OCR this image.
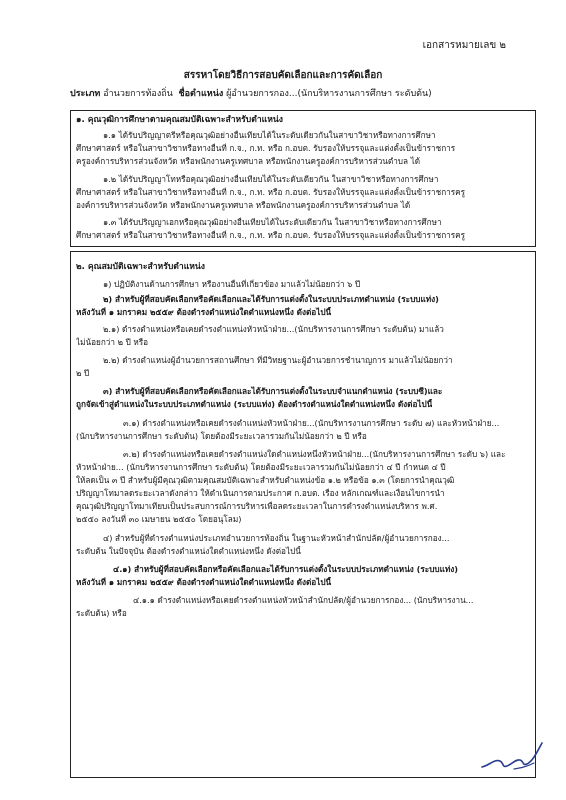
เอกสารหมายเลข ๒
สรรหาโดยวิธีการสอบคัดเลือกและการคัดเลือก
ประเภท อำนวยการท้องถิ่น ชื่อตำแหน่ง ผู้อำนวยการกอง...(นักบริหารงานการศึกษา ระดับต้น)
๑. คุณวุฒิการศึกษาตามคุณสมบัติเฉพาะสำหรับตำแหน่ง
๑.๑ ได้รับปริญญาตรีหรือคุณวุฒิอย่างอื่นเทียบได้ในระดับเดียวกันในสาขาวิชาหรือทางการศึกษา
ศึกษาศาสตร์ หรือในสาขาวิชาหรือทางอื่นที่ ก.จ., ก.ท. หรือ ก.อบต. รับรองให้บรรจุและแต่งตั้งเป็นข้าราชการ
ครูองค์การบริหารส่วนจังหวัด หรือพนักงานครูเทศบาล หรือพนักงานครูองค์การบริหารส่วนตำบล ได้
๑.๒ ได้รับปริญญาโทหรือคุณวุฒิอย่างอื่นเทียบได้ในระดับเดียวกัน ในสาขาวิชาหรือทางการศึกษา
ศึกษาศาสตร์ หรือในสาขาวิชาหรือทางอื่นที่ ก.จ., ก.ท. หรือ ก.อบต. รับรองให้บรรจุและแต่งตั้งเป็นข้าราชการครู
องค์การบริหารส่วนจังหวัด หรือพนักงานครูเทศบาล หรือพนักงานครูองค์การบริหารส่วนตำบล ได้
๑.๓ ได้รับปริญญาเอกหรือคุณวุฒิอย่างอื่นเทียบได้ในระดับเดียวกัน ในสาขาวิชาหรือทางการศึกษา
ศึกษาศาสตร์ หรือในสาขาวิชาหรือทางอื่นที่ ก.จ., ก.ท. หรือ ก.อบต. รับรองให้บรรจุและแต่งตั้งเป็นข้าราชการครู
๒. คุณสมบัติเฉพาะสำหรับตำแหน่ง
๑) ปฏิบัติงานด้านการศึกษา หรืองานอื่นที่เกี่ยวข้อง มาแล้วไม่น้อยกว่า ๖ ปี
๒) สำหรับผู้ที่สอบคัดเลือกหรือคัดเลือกและได้รับการแต่งตั้งในระบบประเภทตำแหน่ง (ระบบแท่ง)
หลังวันที่ ๑ มกราคม ๒๕๕๙ ต้องดำรงตำแหน่งใดตำแหน่งหนึ่ง ดังต่อไปนี้
๒.๑) ดำรงตำแหน่งหรือเคยดำรงตำแหน่งหัวหน้าฝ่าย...(นักบริหารงานการศึกษา ระดับต้น) มาแล้ว
ไม่น้อยกว่า ๒ ปี หรือ
๒.๒) ดำรงตำแหน่งผู้อำนวยการสถานศึกษา ที่มีวิทยฐานะผู้อำนวยการชำนาญการ มาแล้วไม่น้อยกว่า
๒ ปี
๓) สำหรับผู้ที่สอบคัดเลือกหรือคัดเลือกและได้รับการแต่งตั้งในระบบจำแนกตำแหน่ง (ระบบซี)และ
ถูกจัดเข้าสู่ตำแหน่งในระบบประเภทตำแหน่ง (ระบบแท่ง) ต้องดำรงตำแหน่งใดตำแหน่งหนึ่ง ดังต่อไปนี้
๓.๑) ดำรงตำแหน่งหรือเคยดำรงตำแหน่งหัวหน้าฝ่าย...(นักบริหารงานการศึกษา ระดับ ๗) และหัวหน้าฝ่าย...
(นักบริหารงานการศึกษา ระดับต้น) โดยต้องมีระยะเวลารวมกันไม่น้อยกว่า ๒ ปี หรือ
๓.๒) ดำรงตำแหน่งหรือเคยดำรงตำแหน่งใดตำแหน่งหนึ่งหัวหน้าฝ่าย...(นักบริหารงานการศึกษา ระดับ ๖) และ
หัวหน้าฝ่าย... (นักบริหารงานการศึกษา ระดับต้น) โดยต้องมีระยะเวลารวมกันไม่น้อยกว่า ๔ ปี กำหนด ๔ ปี
ให้ลดเป็น ๓ ปี สำหรับผู้มีคุณวุฒิตามคุณสมบัติเฉพาะสำหรับตำแหน่งข้อ ๑.๒ หรือข้อ ๑.๓ (โดยการนำคุณวุฒิ
ปริญญาโทมาลดระยะเวลาดังกล่าว ให้ดำเนินการตามประกาศ ก.อบต. เรื่อง หลักเกณฑ์และเงื่อนไขการนำ
คุณวุฒิปริญญาโทมาเทียบเป็นประสบการณ์การบริหารเพื่อลดระยะเวลาในการดำรงตำแหน่งบริหาร พ.ศ.
๒๕๕๐ ลงวันที่ ๓๐ เมษายน ๒๕๕๐ โดยอนุโลม)
๔) สำหรับผู้ที่ดำรงตำแหน่งประเภทอำนวยการท้องถิ่น ในฐานะหัวหน้าสำนักปลัด/ผู้อำนวยการกอง...
ระดับต้น ในปัจจุบัน ต้องดำรงตำแหน่งใดตำแหน่งหนึ่ง ดังต่อไปนี้
๔.๑) สำหรับผู้ที่สอบคัดเลือกหรือคัดเลือกและได้รับการแต่งตั้งในระบบประเภทตำแหน่ง (ระบบแท่ง)
หลังวันที่ ๑ มกราคม ๒๕๕๙ ต้องดำรงตำแหน่งใดตำแหน่งหนึ่ง ดังต่อไปนี้
๔.๑.๑ ดำรงตำแหน่งหรือเคยดำรงตำแหน่งหัวหน้าสำนักปลัด/ผู้อำนวยการกอง... (นักบริหารงาน...
ระดับต้น) หรือ
